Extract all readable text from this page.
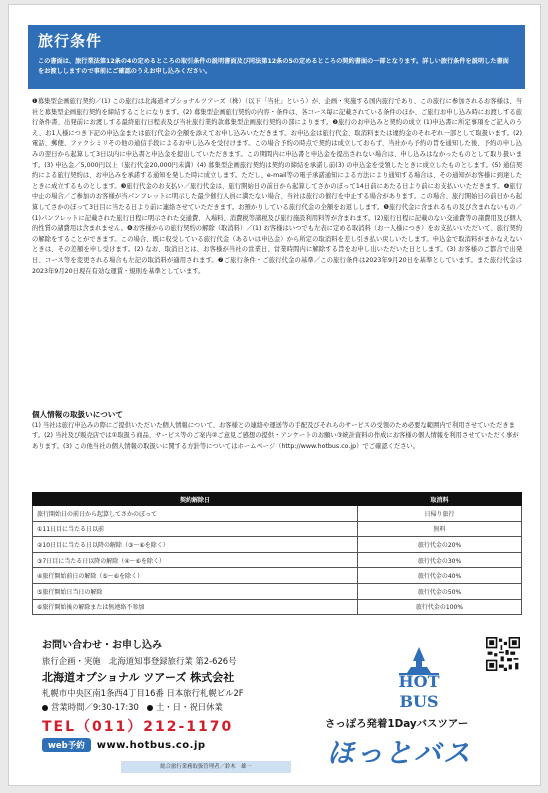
旅行条件

この書面は、旅行業法第12条の4の定めるところの取引条件の説明書面及び同法第12条の5の定めるところの契約書面の一部となります。詳しい旅行条件を説明した書面をお渡ししますので事前にご確認のうえお申し込みください。

❶募集型企画旅行契約／(1) この旅行は北海道オプショナルツアーズ（株）（以下「当社」という）が、企画・実施する国内旅行であり、この旅行に参加されるお客様は、当社と募集型企画旅行契約を締結することになります。(2) 募集型企画旅行契約の内容・条件は、各コース毎に記載されている条件のほか、ご旅行お申し込み時にお渡しする旅行条件書、出発前にお渡しする最終旅行日程表及び当社旅行業約款募集型企画旅行契約の部によります。❷旅行のお申込みと契約の成立 (1)申込書に所定事項をご記入のうえ、お1人様につき下記の申込金または旅行代金の全額を添えてお申し込みいただきます。お申込金は旅行代金、取消料または違約金のそれぞれ一部として取扱います。(2) 電話、郵便、ファクシミリその他の通信手段によるお申し込みを受付けます。この場合予約の時点で契約は成立しておらず、当社から予約の旨を通知した後、予約の申し込みの翌日から起算して3日以内に申込書と申込金を提出していただきます。この期間内に申込書と申込金を提出されない場合は、申し込みはなかったものとして取り扱います。(3) 申込金／5,000円以上（旅行代金20,000円未満）(4) 募集型企画旅行契約は契約の締結を承諾し前(3) の申込金を受領したときに成立したものとします。(5) 通信契約による旅行契約は、お申込みを承諾する通知を発した時に成立します。ただし、e-mail等の電子承諾通知による方法により通知する場合は、その通知がお客様に到達したときに成立するものとします。❸旅行代金のお支払い／旅行代金は、旅行開始日の前日から起算してさかのぼって14日前にあたる日より前にお支払いいただきます。❹旅行中止の場合／ご参加のお客様が当パンフレットに明示した最少催行人員に満たない場合、当社は旅行の催行を中止する場合があります。この場合、旅行開始日の前日から起算してさかのぼって3日目に当たる日より前に連絡させていただきます。お預かりしている旅行代金の全額をお返しします。❺旅行代金に含まれるもの及び含まれないもの／(1)パンフレットに記載された旅行日程に明示された交通費、入場料、消費税等諸税及び旅行施設利用料等が含まれます。(2)旅行日程に記載のない交通費等の諸費用及び個人的性質の諸費用は含まれません。❻お客様からの旅行契約の解除（取消料）／(1) お客様はいつでも左表に定める取消料（お一人様につき）をお支払いいただいて、旅行契約の解除をすることができます。この場合、既に収受している旅行代金（あるいは申込金）から所定の取消料を差し引き払い戻しいたします。申込金で取消料がまかなえないときは、その差額を申し受けます。(2) なお、取消日とは、お客様が当社の営業日、営業時間内に解除する旨をお申し出いただいた日とします。(3) お客様のご都合で出発日、コース等を変更される場合も左記の取消料が適用されます。❼ご旅行条件・ご旅行代金の基準／この旅行条件は2023年9月20日を基準としています。また旅行代金は2023年9月20日現在有効な運賃・規則を基準としています。
個人情報の取扱いについて
(1) 当社は旅行申込みの際にご提供いただいた個人情報について、お客様との連絡や運送等の手配及びそれらのサービスの受領のため必要な範囲内で利用させていただきます。(2) 当社及び販売店では①取扱う商品、サービス等のご案内②ご意見ご感想の提供・アンケートのお願い③統計資料の作成にお客様の個人情報を利用させていただく事があります。(3) この他当社の個人情報の取扱いに関する方針等についてはホームページ（http://www.hotbus.co.jp）でご確認ください。
契約解除日	取消料
旅行開始日の前日から起算してさかのぼって	日帰り旅行
①11日目に当たる日以前	無料
②10日目に当たる日以降の解除（③〜⑥を除く）	旅行代金の20%
③7日目に当たる日以降の解除（④〜⑥を除く）	旅行代金の30%
④旅行開始前日の解除（⑤〜⑥を除く）	旅行代金の40%
⑤旅行開始日当日の解除	旅行代金の50%
⑥旅行開始後の解除または無連絡不参加	旅行代金の100%
お問い合わせ・お申し込み
旅行企画・実施　北海道知事登録旅行業 第2-626号
北海道オプショナル ツアーズ 株式会社
札幌市中央区南1条西4丁目16番 日本旅行札幌ビル2F
営業時間／9:30-17:30 土・日・祝日休業
TEL（011）212-1170
web予約	www.hotbus.co.jp
総合旅行業務取扱管理者／鈴木　雄一
HOT
BUS
さっぽろ発着1Dayバスツアー
ほっとバス
